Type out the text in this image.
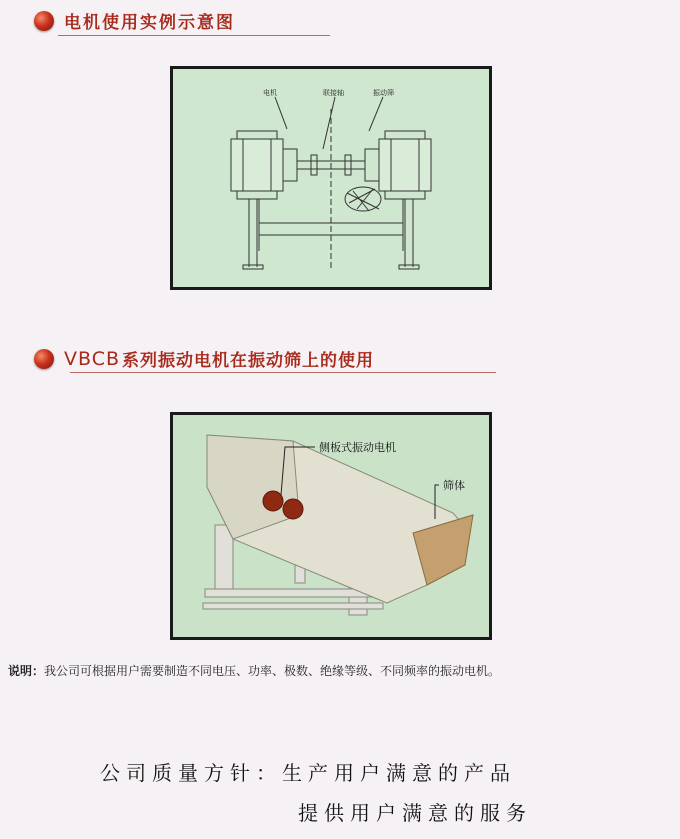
电机使用实例示意图
电机	联接轴	振动筛
VBCB 系列振动电机在振动筛上的使用
侧板式振动电机
筛体
说明：我公司可根据用户需要制造不同电压、功率、极数、绝缘等级、不同频率的振动电机。
公司质量方针：生产用户满意的产品
提供用户满意的服务
